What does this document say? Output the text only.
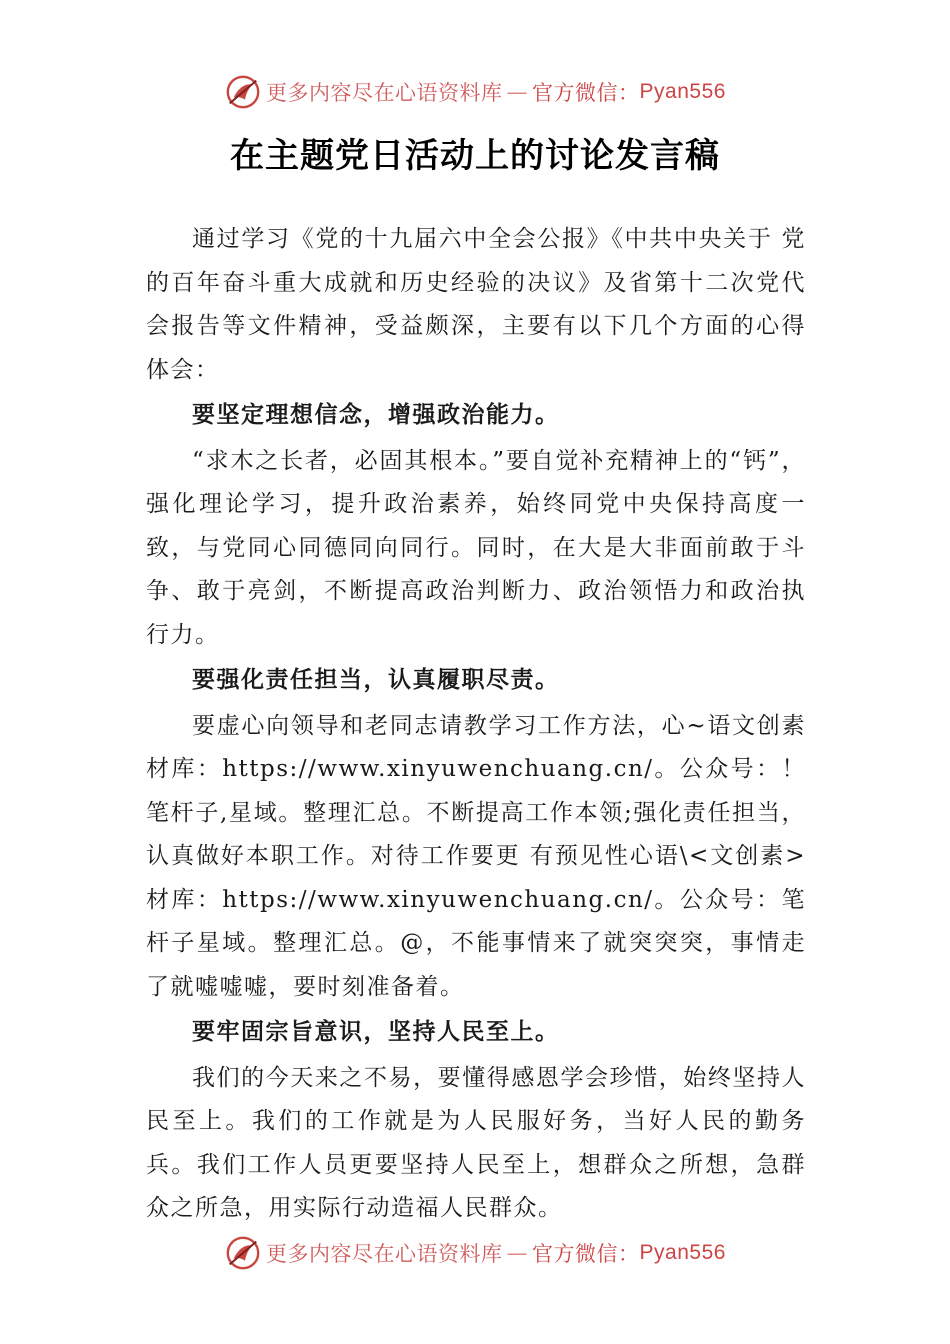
更多内容尽在心语资料库 — 官方微信： Pyan556
在主题党日活动上的讨论发言稿

通过学习《党的十九届六中全会公报》《中共中央关于 党的百年奋斗重大成就和历史经验的决议》及省第十二次党代会报告等文件精神，受益颇深，主要有以下几个方面的心得体会：

要坚定理想信念，增强政治能力。

“求木之长者，必固其根本。”要自觉补充精神上的“钙”，强化理论学习，提升政治素养，始终同党中央保持高度一致，与党同心同德同向同行。同时，在大是大非面前敢于斗争、敢于亮剑，不断提高政治判断力、政治领悟力和政治执行力。

要强化责任担当，认真履职尽责。

要虚心向领导和老同志请教学习工作方法，心~语文创素材库：https://www.xinyuwenchuang.cn/。公众号：！笔杆子,星域。整理汇总。不断提高工作本领;强化责任担当，认真做好本职工作。对待工作要更 有预见性心语\<文创素>材库：https://www.xinyuwenchuang.cn/。公众号：笔杆子星域。整理汇总。@，不能事情来了就突突突，事情走了就嘘嘘嘘，要时刻准备着。

要牢固宗旨意识，坚持人民至上。

我们的今天来之不易，要懂得感恩学会珍惜，始终坚持人民至上。我们的工作就是为人民服好务，当好人民的勤务兵。我们工作人员更要坚持人民至上，想群众之所想，急群众之所急，用实际行动造福人民群众。

更多内容尽在心语资料库 — 官方微信： Pyan556
